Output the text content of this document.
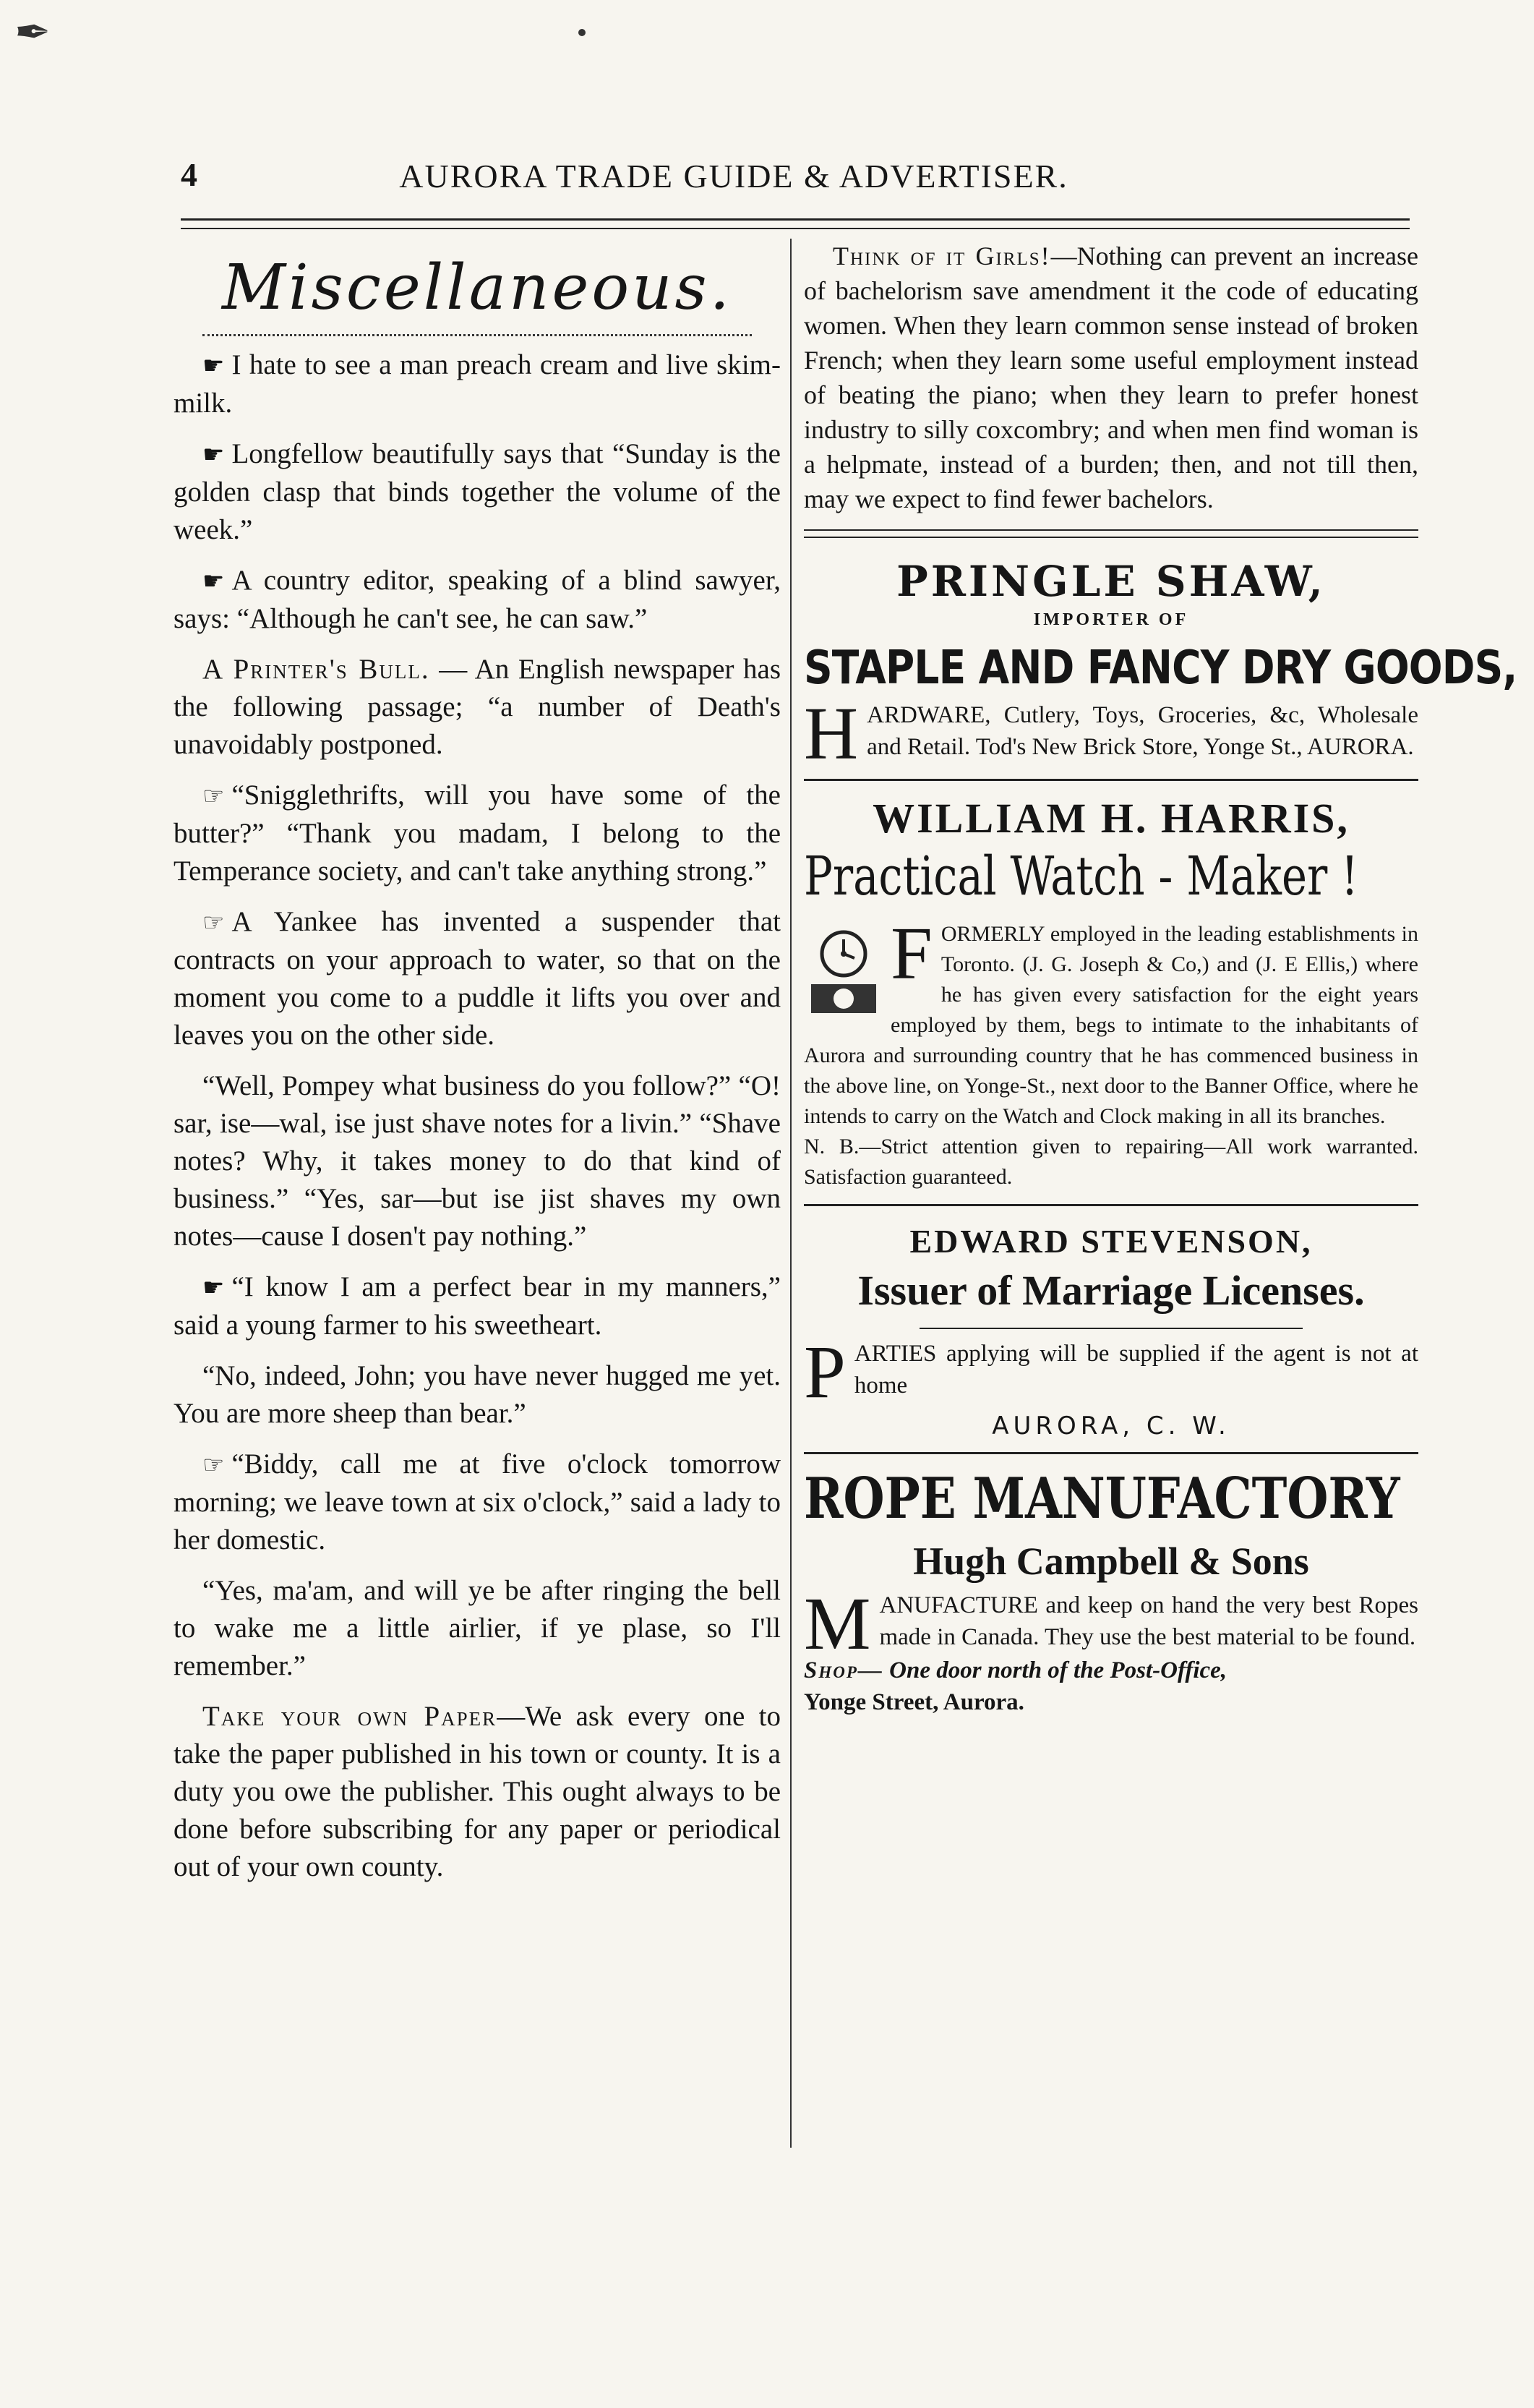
✒
4	AURORA TRADE GUIDE & ADVERTISER.
Miscellaneous.

☛ I hate to see a man preach cream and live skim-milk.

☛ Longfellow beautifully says that “Sunday is the golden clasp that binds together the volume of the week.”

☛ A country editor, speaking of a blind sawyer, says: “Although he can't see, he can saw.”

A Printer's Bull. — An English newspaper has the following passage; “a number of Death's unavoidably postponed.

☞ “Snigglethrifts, will you have some of the butter?” “Thank you madam, I belong to the Temperance society, and can't take anything strong.”

☞ A Yankee has invented a suspender that contracts on your approach to water, so that on the moment you come to a puddle it lifts you over and leaves you on the other side.

“Well, Pompey what business do you follow?” “O! sar, ise—wal, ise just shave notes for a livin.” “Shave notes? Why, it takes money to do that kind of business.” “Yes, sar—but ise jist shaves my own notes—cause I dosen't pay nothing.”

☛ “I know I am a perfect bear in my manners,” said a young farmer to his sweetheart.

“No, indeed, John; you have never hugged me yet. You are more sheep than bear.”

☞ “Biddy, call me at five o'clock tomorrow morning; we leave town at six o'clock,” said a lady to her domestic.

“Yes, ma'am, and will ye be after ringing the bell to wake me a little airlier, if ye plase, so I'll remember.”

Take your own Paper—We ask every one to take the paper published in his town or county. It is a duty you owe the publisher. This ought always to be done before subscribing for any paper or periodical out of your own county.

Think of it Girls!—Nothing can prevent an increase of bachelorism save amendment it the code of educating women. When they learn common sense instead of broken French; when they learn some useful employment instead of beating the piano; when they learn to prefer honest industry to silly coxcombry; and when men find woman is a helpmate, instead of a burden; then, and not till then, may we expect to find fewer bachelors.

PRINGLE SHAW,
IMPORTER OF
STAPLE AND FANCY DRY GOODS,
HARDWARE, Cutlery, Toys, Groceries, &c, Wholesale and Retail. Tod's New Brick Store, Yonge St., AURORA.
WILLIAM H. HARRIS,
Practical Watch - Maker !
FORMERLY employed in the leading establishments in Toronto. (J. G. Joseph & Co,) and (J. E Ellis,) where he has given every satisfaction for the eight years employed by them, begs to intimate to the inhabitants of Aurora and surrounding country that he has commenced business in the above line, on Yonge-St., next door to the Banner Office, where he intends to carry on the Watch and Clock making in all its branches.
N. B.—Strict attention given to repairing—All work warranted. Satisfaction guaranteed.
EDWARD STEVENSON,
Issuer of Marriage Licenses.
PARTIES applying will be supplied if the agent is not at home
AURORA, C. W.
ROPE MANUFACTORY
Hugh Campbell & Sons
MANUFACTURE and keep on hand the very best Ropes made in Canada. They use the best material to be found.
Shop— One door north of the Post-Office,
Yonge Street, Aurora.
